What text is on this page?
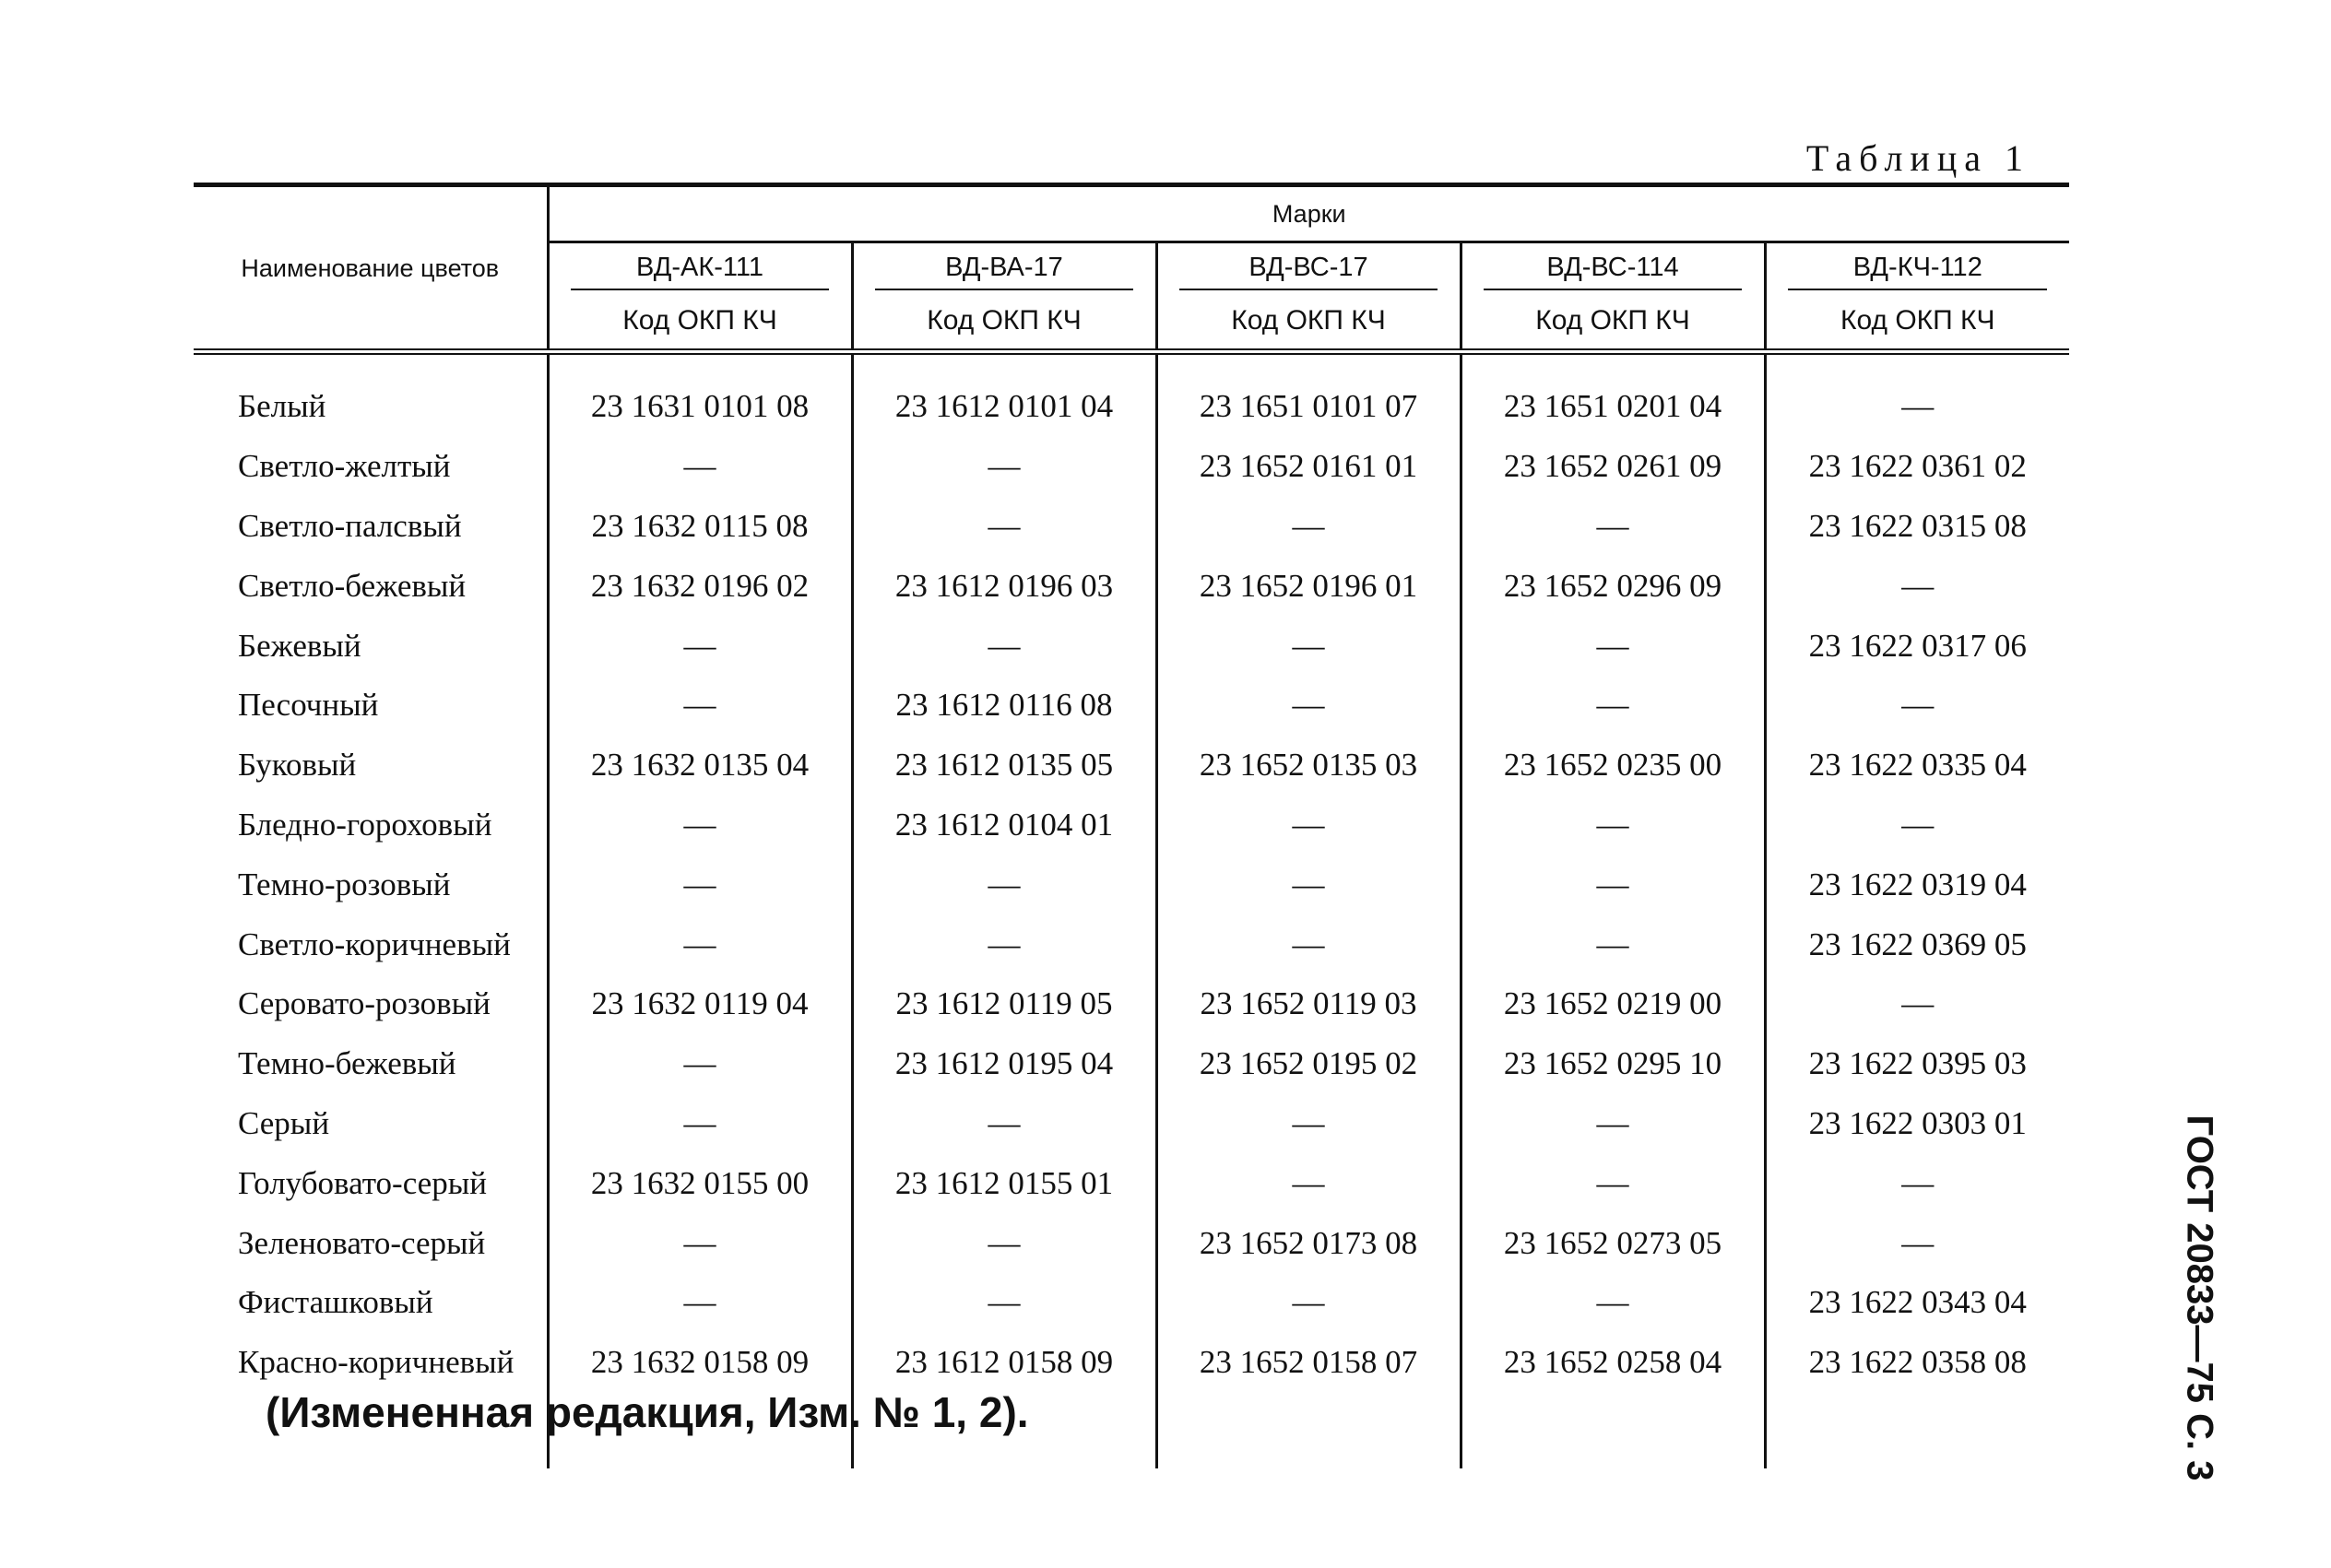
Таблица 1
Наименование цветов	Марки				
	ВД-АК-111	ВД-ВА-17	ВД-ВС-17	ВД-ВС-114	ВД-КЧ-112
	Код ОКП КЧ	Код ОКП КЧ	Код ОКП КЧ	Код ОКП КЧ	Код ОКП КЧ

Белый	23 1631 0101 08	23 1612 0101 04	23 1651 0101 07	23 1651 0201 04	—
Светло-желтый	—	—	23 1652 0161 01	23 1652 0261 09	23 1622 0361 02
Светло-палсвый	23 1632 0115 08	—	—	—	23 1622 0315 08
Светло-бежевый	23 1632 0196 02	23 1612 0196 03	23 1652 0196 01	23 1652 0296 09	—
Бежевый	—	—	—	—	23 1622 0317 06
Песочный	—	23 1612 0116 08	—	—	—
Буковый	23 1632 0135 04	23 1612 0135 05	23 1652 0135 03	23 1652 0235 00	23 1622 0335 04
Бледно-гороховый	—	23 1612 0104 01	—	—	—
Темно-розовый	—	—	—	—	23 1622 0319 04
Светло-коричневый	—	—	—	—	23 1622 0369 05
Серовато-розовый	23 1632 0119 04	23 1612 0119 05	23 1652 0119 03	23 1652 0219 00	—
Темно-бежевый	—	23 1612 0195 04	23 1652 0195 02	23 1652 0295 10	23 1622 0395 03
Серый	—	—	—	—	23 1622 0303 01
Голубовато-серый	23 1632 0155 00	23 1612 0155 01	—	—	—
Зеленовато-серый	—	—	23 1652 0173 08	23 1652 0273 05	—
Фисташковый	—	—	—	—	23 1622 0343 04
Красно-коричневый	23 1632 0158 09	23 1612 0158 09	23 1652 0158 07	23 1652 0258 04	23 1622 0358 08

(Измененная редакция, Изм. № 1, 2).	ГОСТ 20833—75 С. 3
